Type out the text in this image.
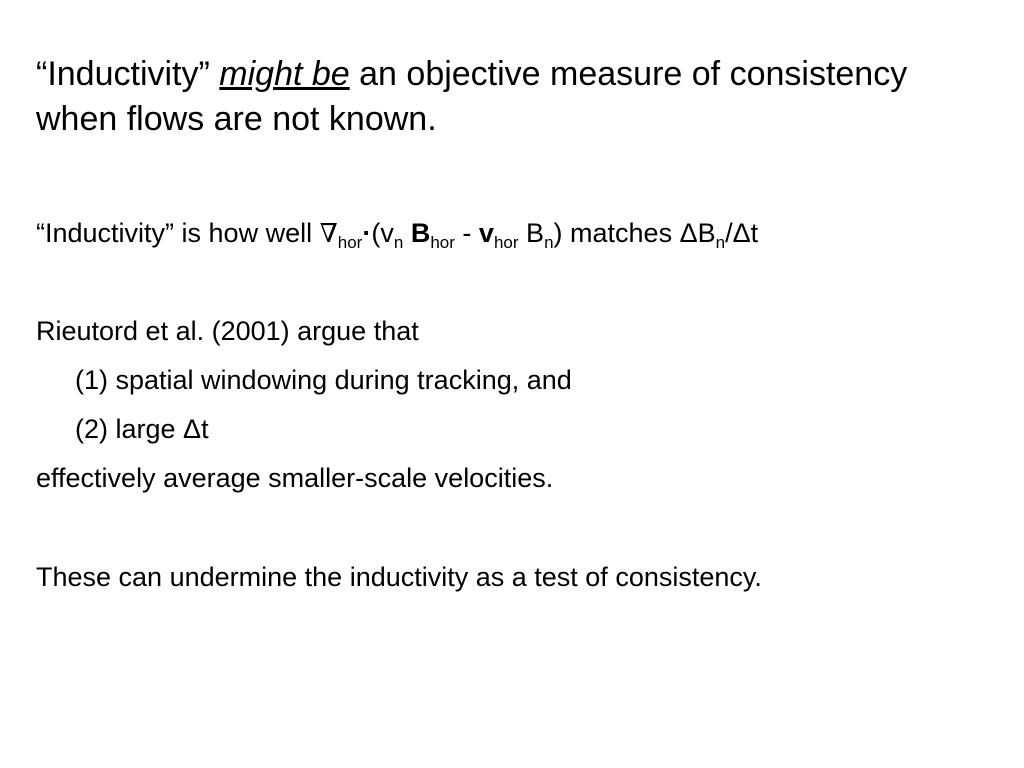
“Inductivity” might be an objective measure of consistency when flows are not known.
“Inductivity” is how well $\nabla_{hor}\cdot(v_n$ $B_{hor} - v_{hor}$ $B_n$) matches $\Delta B_n/\Delta t$
Rieutord et al. (2001) argue that
(1) spatial windowing during tracking, and
(2) large Δt
effectively average smaller-scale velocities.
These can undermine the inductivity as a test of consistency.
